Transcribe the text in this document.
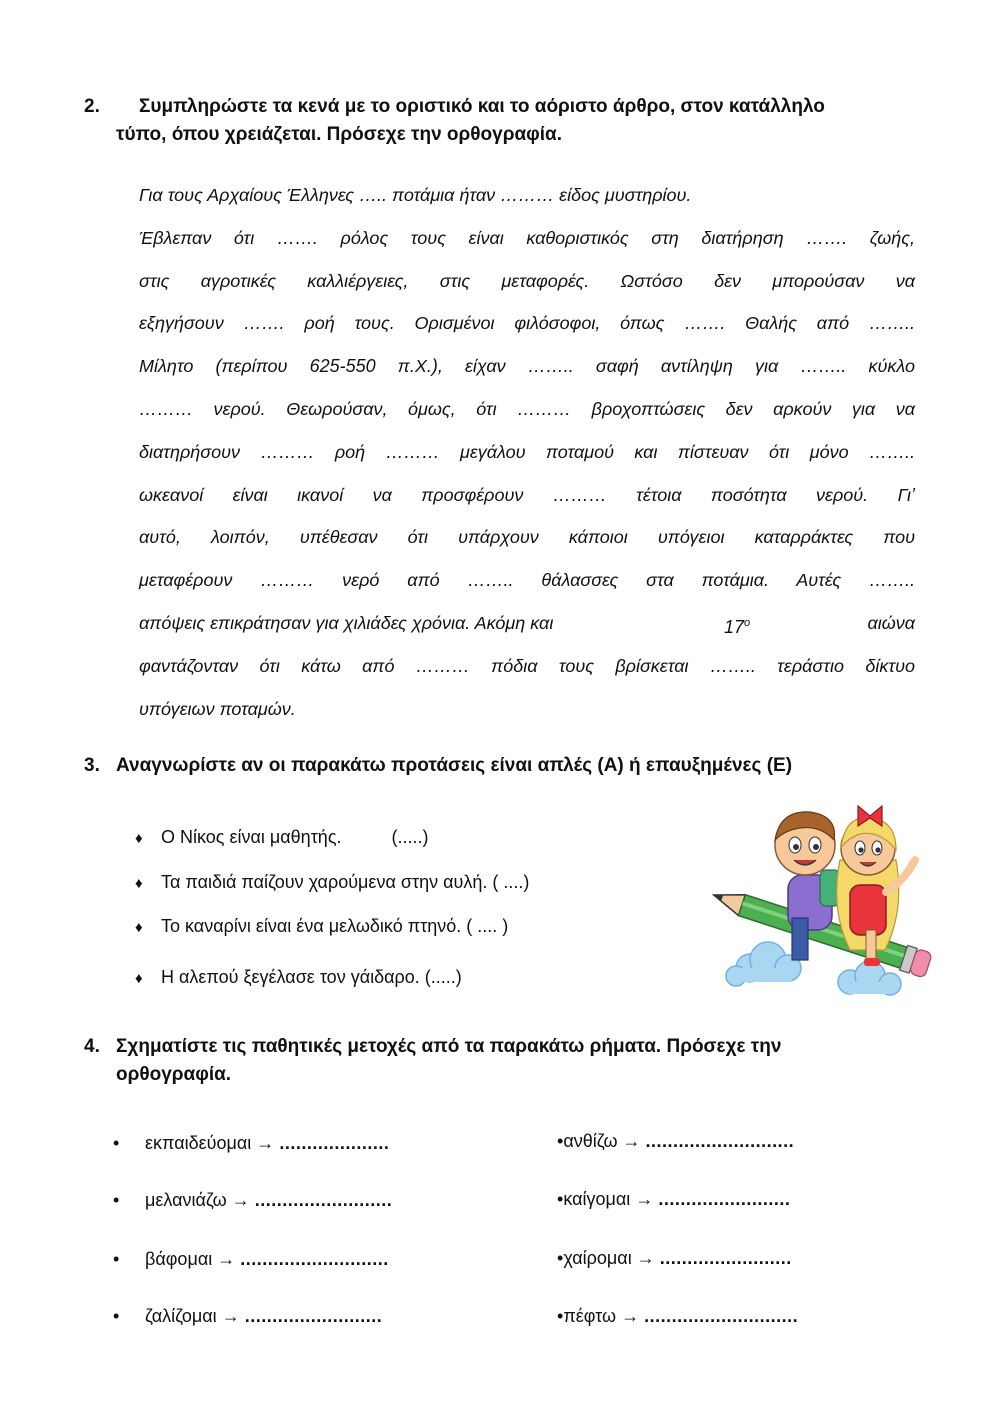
2.	Συμπληρώστε τα κενά με το οριστικό και το αόριστο άρθρο, στον κατάλληλο
τύπο, όπου χρειάζεται. Πρόσεχε την ορθογραφία.
Για τους Αρχαίους Έλληνες ….. ποτάμια ήταν ……… είδος μυστηρίου.
Έβλεπαν ότι ……. ρόλος τους είναι καθοριστικός στη διατήρηση ……. ζωής,
στις αγροτικές καλλιέργειες, στις μεταφορές. Ωστόσο δεν μπορούσαν να
εξηγήσουν ……. ροή τους. Ορισμένοι φιλόσοφοι, όπως ……. Θαλής από ……..
Μίλητο (περίπου 625-550 π.Χ.), είχαν …….. σαφή αντίληψη για …….. κύκλο
……… νερού. Θεωρούσαν, όμως, ότι ……… βροχοπτώσεις δεν αρκούν για να
διατηρήσουν ……… ροή ……… μεγάλου ποταμού και πίστευαν ότι μόνο ……..
ωκεανοί είναι ικανοί να προσφέρουν ……… τέτοια ποσότητα νερού. Γι’
αυτό, λοιπόν, υπέθεσαν ότι υπάρχουν κάποιοι υπόγειοι καταρράκτες που
μεταφέρουν ……… νερό από …….. θάλασσες στα ποτάμια. Αυτές ……..
απόψεις επικράτησαν για χιλιάδες χρόνια. Ακόμη και	$17^o$	αιώνα
φαντάζονταν ότι κάτω από ……… πόδια τους βρίσκεται …….. τεράστιο δίκτυο
υπόγειων ποταμών.
3. Αναγνωρίστε αν οι παρακάτω προτάσεις είναι απλές (Α) ή επαυξημένες (Ε)
♦ Ο Νίκος είναι μαθητής.          (.....)
♦ Τα παιδιά παίζουν χαρούμενα στην αυλή. ( ....)
♦ Το καναρίνι είναι ένα μελωδικό πτηνό. ( .... )
♦ Η αλεπού ξεγέλασε τον γάιδαρο. (.....)
4. Σχηματίστε τις παθητικές μετοχές από τα παρακάτω ρήματα. Πρόσεχε την
ορθογραφία.
• εκπαιδεύομαι → ....................
• μελανιάζω → .........................
• βάφομαι → ...........................
• ζαλίζομαι → .........................
•ανθίζω → ...........................
•καίγομαι → ........................
•χαίρομαι → ........................
•πέφτω → ............................
